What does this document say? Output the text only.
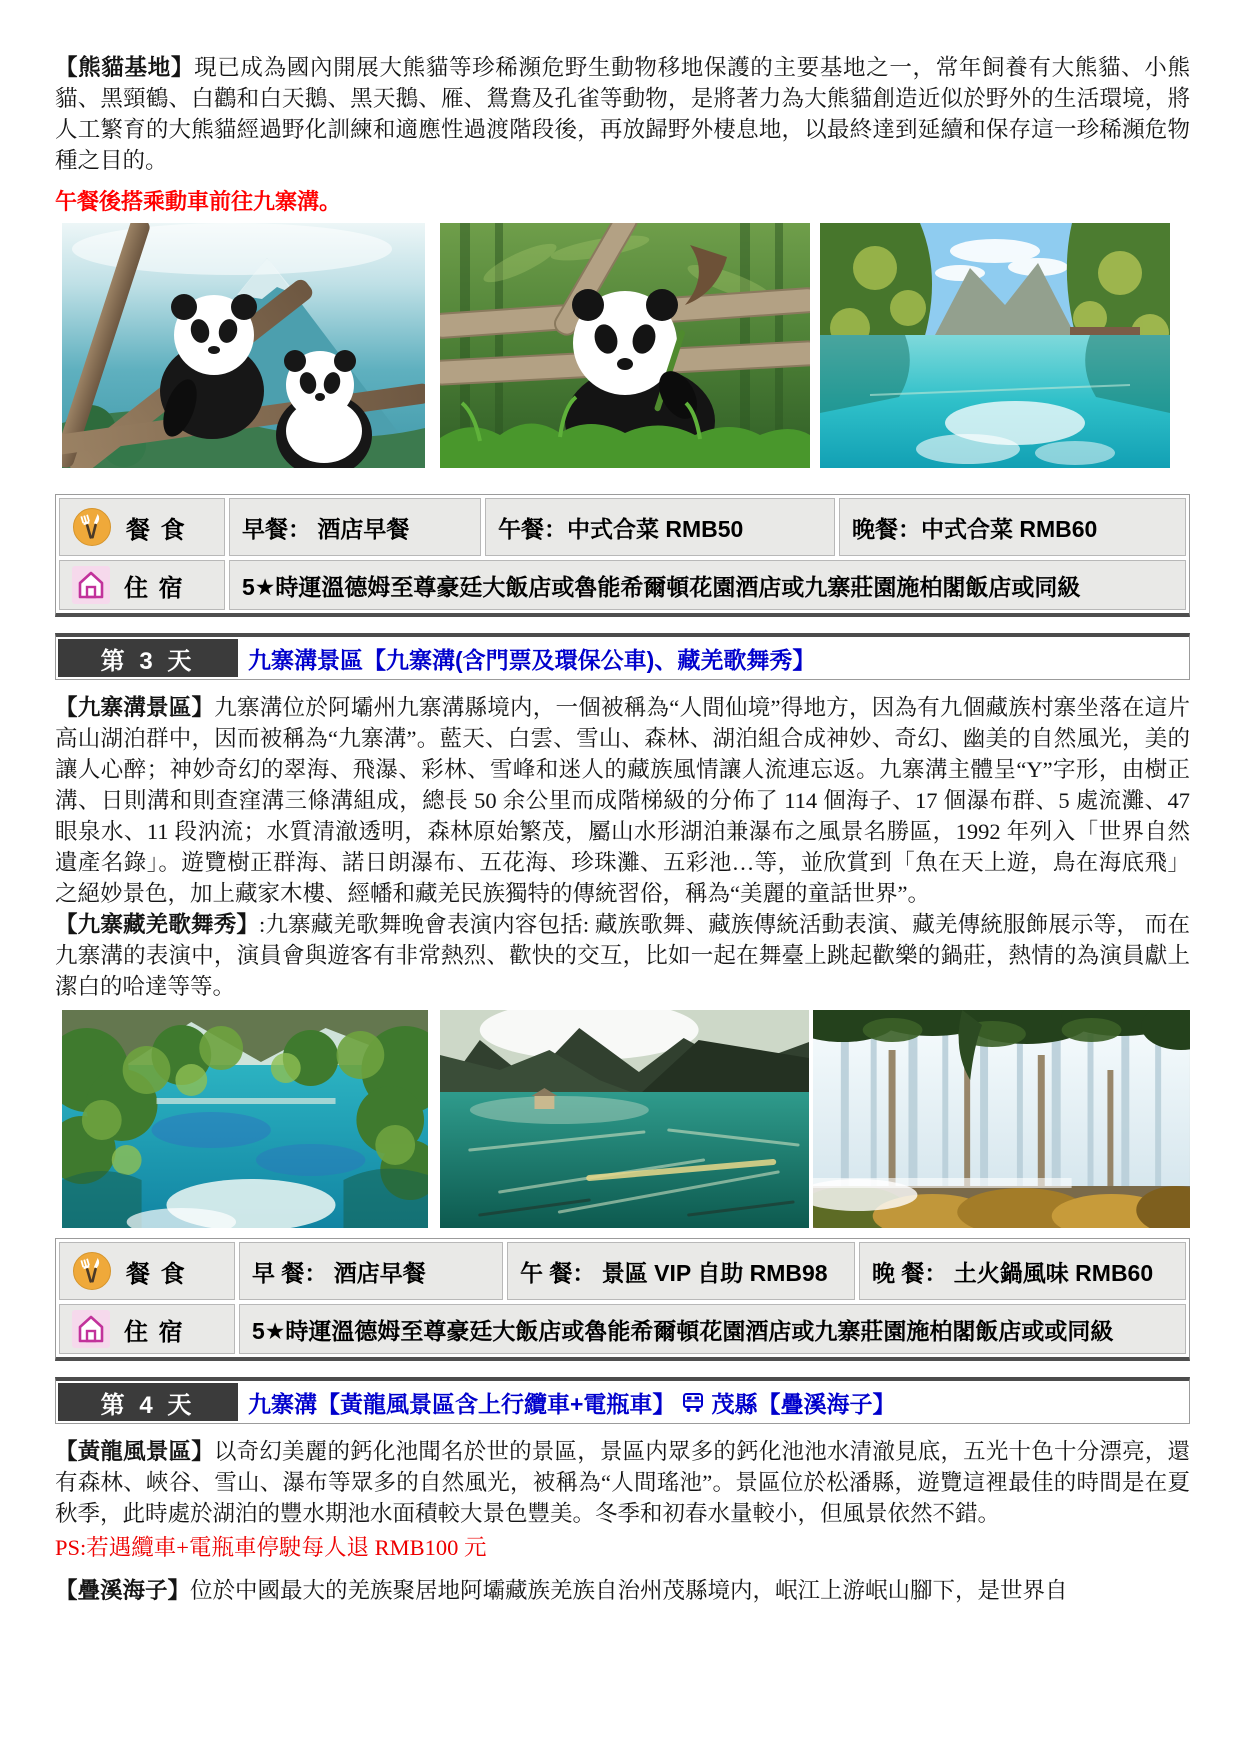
【熊貓基地】現已成為國內開展大熊貓等珍稀瀕危野生動物移地保護的主要基地之一，常年飼養有大熊貓、小熊貓、黑頸鶴、白鸛和白天鵝、黑天鵝、雁、鴛鴦及孔雀等動物，是將著力為大熊貓創造近似於野外的生活環境，將人工繁育的大熊貓經過野化訓練和適應性過渡階段後，再放歸野外棲息地，以最終達到延續和保存這一珍稀瀕危物種之目的。

午餐後搭乘動車前往九寨溝。
餐 食 早餐： 酒店早餐	午餐：中式合菜 RMB50	晚餐：中式合菜 RMB60
住 宿 5★時運溫德姆至尊豪廷大飯店或魯能希爾頓花園酒店或九寨莊園施柏閣飯店或同級
第 3 天	九寨溝景區【九寨溝(含門票及環保公車)、藏羌歌舞秀】

【九寨溝景區】九寨溝位於阿壩州九寨溝縣境内，一個被稱為“人間仙境”得地方，因為有九個藏族村寨坐落在這片高山湖泊群中，因而被稱為“九寨溝”。藍天、白雲、雪山、森林、湖泊組合成神妙、奇幻、幽美的自然風光，美的讓人心醉；神妙奇幻的翠海、飛瀑、彩林、雪峰和迷人的藏族風情讓人流連忘返。九寨溝主體呈“Y”字形，由樹正溝、日則溝和則查窪溝三條溝組成，總長 50 余公里而成階梯級的分佈了 114 個海子、17 個瀑布群、5 處流灘、47 眼泉水、11 段汭流；水質清澈透明，森林原始繁茂，屬山水形湖泊兼瀑布之風景名勝區，1992 年列入「世界自然遺產名錄」。遊覽樹正群海、諾日朗瀑布、五花海、珍珠灘、五彩池…等，並欣賞到「魚在天上遊，鳥在海底飛」之絕妙景色，加上藏家木樓、經幡和藏羌民族獨特的傳統習俗，稱為“美麗的童話世界”。

【九寨藏羌歌舞秀】:九寨藏羌歌舞晚會表演内容包括: 藏族歌舞、藏族傳統活動表演、藏羌傳統服飾展示等， 而在九寨溝的表演中，演員會與遊客有非常熱烈、歡快的交互，比如一起在舞臺上跳起歡樂的鍋莊，熱情的為演員獻上潔白的哈達等等。

餐 食	早 餐： 酒店早餐	午 餐： 景區 VIP 自助 RMB98 晚 餐： 土火鍋風味 RMB60
住 宿	5★時運溫德姆至尊豪廷大飯店或魯能希爾頓花園酒店或九寨莊園施柏閣飯店或或同級
第 4 天	九寨溝【黃龍風景區含上行纜車+電瓶車】 茂縣【疊溪海子】

【黃龍風景區】以奇幻美麗的鈣化池聞名於世的景區，景區内眾多的鈣化池池水清澈見底，五光十色十分漂亮，還有森林、峽谷、雪山、瀑布等眾多的自然風光，被稱為“人間瑤池”。景區位於松潘縣，遊覽這裡最佳的時間是在夏秋季，此時處於湖泊的豐水期池水面積較大景色豐美。冬季和初春水量較小，但風景依然不錯。

PS:若遇纜車+電瓶車停駛每人退 RMB100 元

【疊溪海子】位於中國最大的羌族聚居地阿壩藏族羌族自治州茂縣境内，岷江上游岷山腳下，是世界自
